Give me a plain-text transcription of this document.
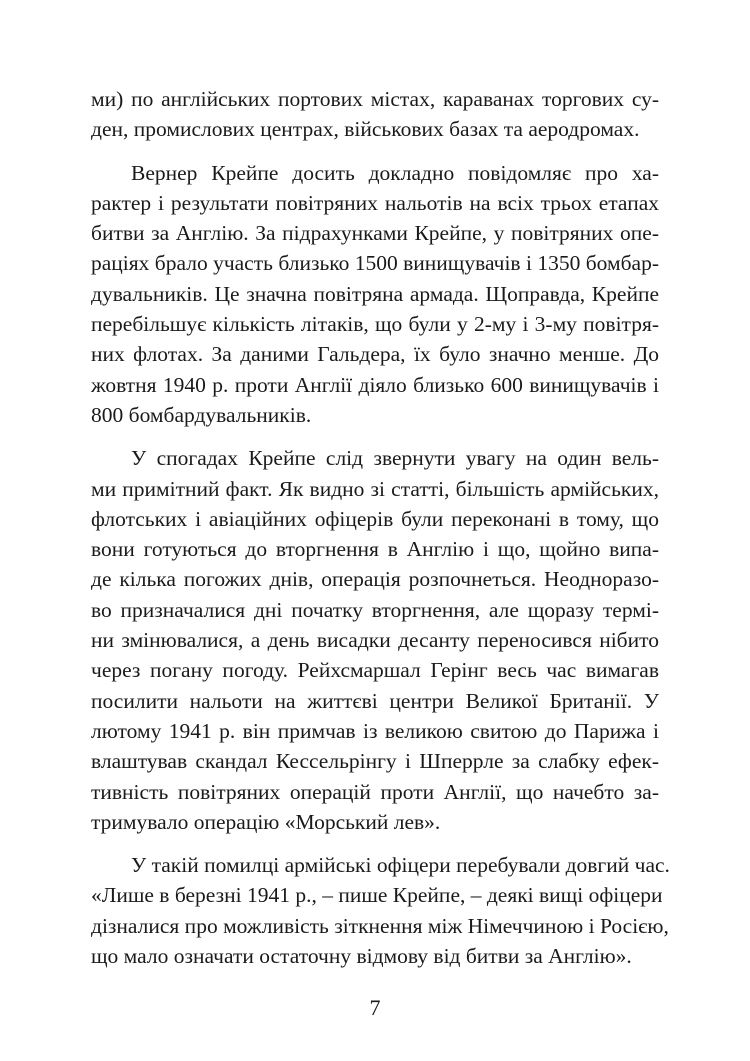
ми) по англійських портових містах, караванах торгових су-
ден, промислових центрах, військових базах та аеродромах.
Вернер Крейпе досить докладно повідомляє про ха-
рактер і результати повітряних нальотів на всіх трьох етапах
битви за Англію. За підрахунками Крейпе, у повітряних опе-
раціях брало участь близько 1500 винищувачів і 1350 бомбар-
дувальників. Це значна повітряна армада. Щоправда, Крейпе
перебільшує кількість літаків, що були у 2-му і 3-му повітря-
них флотах. За даними Гальдера, їх було значно менше. До
жовтня 1940 р. проти Англії діяло близько 600 винищувачів і
800 бомбардувальників.
У спогадах Крейпе слід звернути увагу на один вель-
ми примітний факт. Як видно зі статті, більшість армійських,
флотських і авіаційних офіцерів були переконані в тому, що
вони готуються до вторгнення в Англію і що, щойно випа-
де кілька погожих днів, операція розпочнеться. Неодноразо-
во призначалися дні початку вторгнення, але щоразу термі-
ни змінювалися, а день висадки десанту переносився нібито
через погану погоду. Рейхсмаршал Герінг весь час вимагав
посилити нальоти на життєві центри Великої Британії. У
лютому 1941 р. він примчав із великою свитою до Парижа і
влаштував скандал Кессельрінгу і Шперрле за слабку ефек-
тивність повітряних операцій проти Англії, що начебто за-
тримувало операцію «Морський лев».
У такій помилці армійські офіцери перебували довгий час.
«Лише в березні 1941 р., – пише Крейпе, – деякі вищі офіцери
дізналися про можливість зіткнення між Німеччиною і Росією,
що мало означати остаточну відмову від битви за Англію».
7
